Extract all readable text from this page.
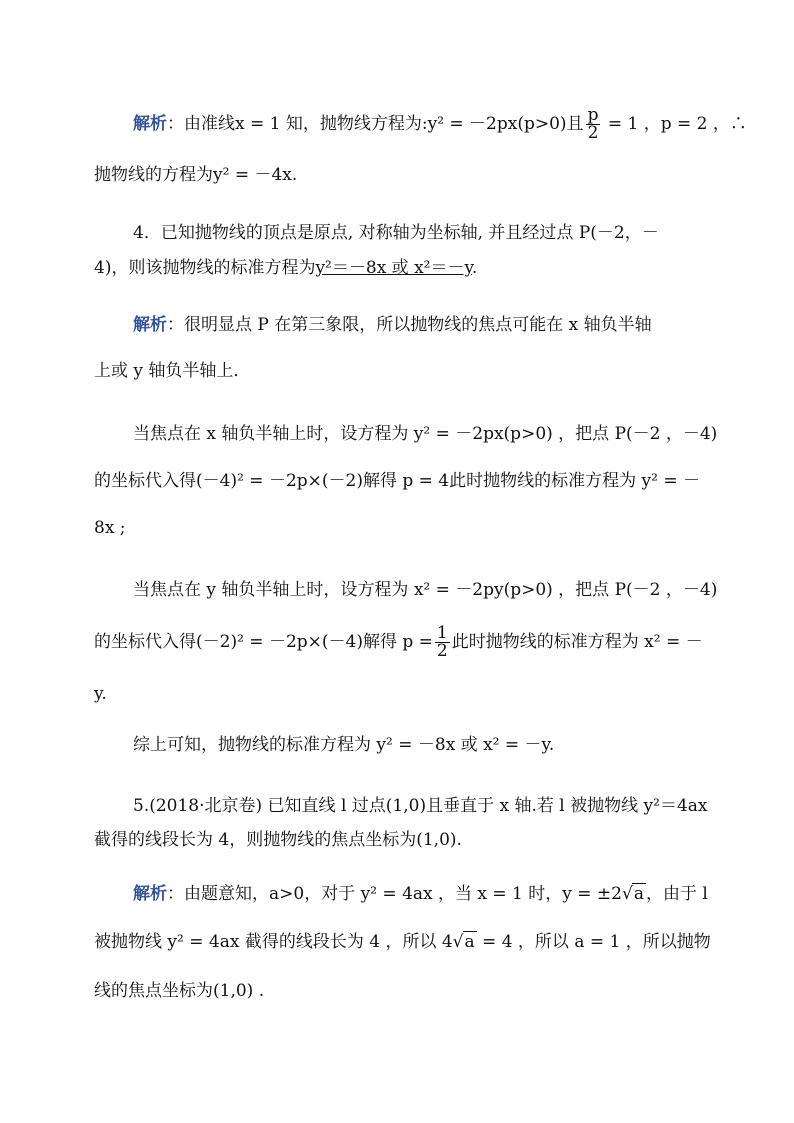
解析：由准线x = 1 知，抛物线方程为:y² = －2px(p>0)且 $\frac{p}{2} = 1$ ，p = 2 ，∴
抛物线的方程为y² = －4x.
4．已知抛物线的顶点是原点, 对称轴为坐标轴, 并且经过点 P(－2，－
4)，则该抛物线的标准方程为y²＝－8x 或 x²＝－y.
解析：很明显点 P 在第三象限，所以抛物线的焦点可能在 x 轴负半轴
上或 y 轴负半轴上．
当焦点在 x 轴负半轴上时，设方程为 y² = －2px(p>0) ，把点 P(－2 ，－4)
的坐标代入得(－4)² = －2p×(－2)解得 p = 4此时抛物线的标准方程为 y² = －
8x ;
当焦点在 y 轴负半轴上时，设方程为 x² = －2py(p>0) ，把点 P(－2 ，－4)
的坐标代入得(－2)² = －2p×(－4)解得 $p = \frac{1}{2}$ 此时抛物线的标准方程为 x² = －
y.
综上可知，抛物线的标准方程为 y² = －8x 或 x² = －y.
5.(2018·北京卷) 已知直线 l 过点(1,0)且垂直于 x 轴.若 l 被抛物线 y²＝4ax
截得的线段长为 4，则抛物线的焦点坐标为(1,0).
解析：由题意知，a>0，对于 y² = 4ax ，当 x = 1 时，y = ±2√a ，由于 l
被抛物线 y² = 4ax 截得的线段长为 4 ，所以 4√a = 4 ，所以 a = 1 ，所以抛物
线的焦点坐标为(1,0) .
